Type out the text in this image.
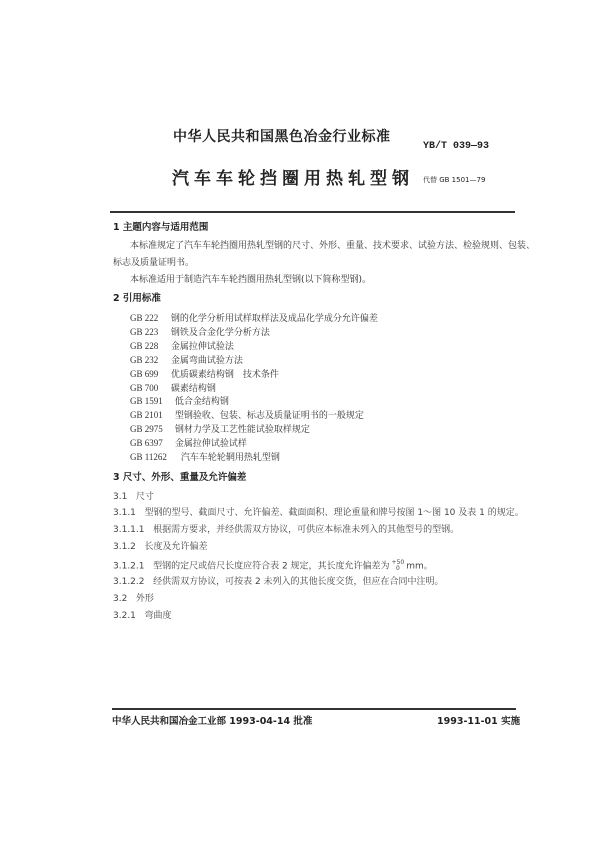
中华人民共和国黑色冶金行业标准
YB/T 039—93
汽车车轮挡圈用热轧型钢 代替 GB 1501—79
1 主题内容与适用范围
本标准规定了汽车车轮挡圈用热轧型钢的尺寸、外形、重量、技术要求、试验方法、检验规则、包装、
标志及质量证明书。
本标准适用于制造汽车车轮挡圈用热轧型钢(以下简称型钢)。
2 引用标准
GB 222 钢的化学分析用试样取样法及成品化学成分允许偏差
GB 223 钢铁及合金化学分析方法
GB 228 金属拉伸试验法
GB 232 金属弯曲试验方法
GB 699 优质碳素结构钢　技术条件
GB 700 碳素结构钢
GB 1591 低合金结构钢
GB 2101 型钢验收、包装、标志及质量证明书的一般规定
GB 2975 钢材力学及工艺性能试验取样规定
GB 6397 金属拉伸试验试样
GB 11262 汽车车轮轮辋用热轧型钢
3 尺寸、外形、重量及允许偏差
3.1 尺寸
3.1.1 型钢的型号、截面尺寸、允许偏差、截面面积、理论重量和牌号按图 1～图 10 及表 1 的规定。
3.1.1.1 根据需方要求，并经供需双方协议，可供应本标准未列入的其他型号的型钢。
3.1.2 长度及允许偏差
3.1.2.1 型钢的定尺或倍尺长度应符合表 2 规定，其长度允许偏差为 +50
0 mm。
3.1.2.2 经供需双方协议，可按表 2 未列入的其他长度交货，但应在合同中注明。
3.2 外形
3.2.1 弯曲度
中华人民共和国冶金工业部 1993-04-14 批准	1993-11-01 实施
